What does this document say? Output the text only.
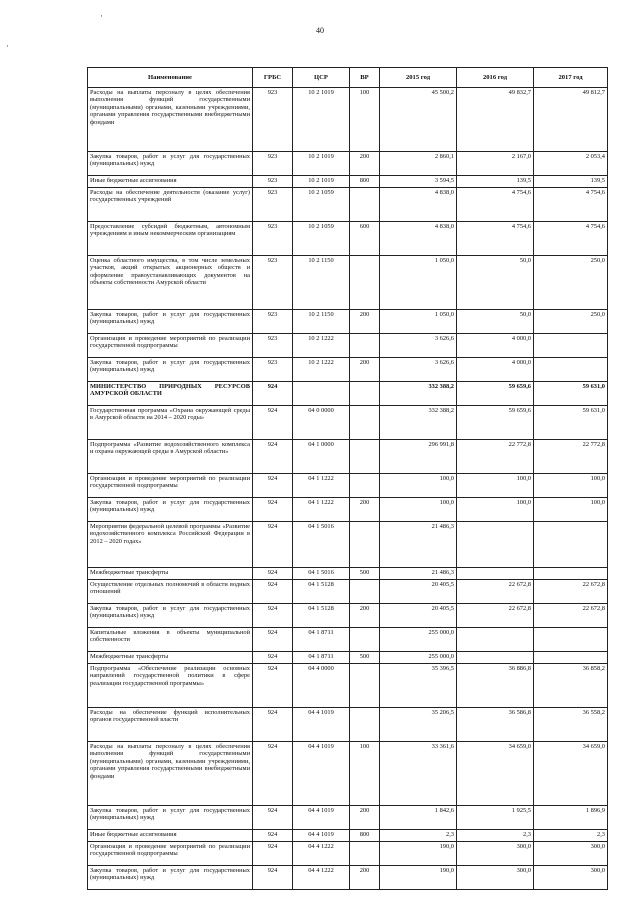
40
·
·
Наименование	ГРБС	ЦСР	ВР	2015 год	2016 год	2017 год
Расходы на выплаты персоналу в целях обеспечения выполнения функций государственными (муниципальными) органами, казенными учреждениями, органами управления государственными внебюджетными фондами	923	10 2 1019	100	45 500,2	49 832,7	49 812,7
Закупка товаров, работ и услуг для государственных (муниципальных) нужд	923	10 2 1019	200	2 860,1	2 167,0	2 053,4
Иные бюджетные ассигнования	923	10 2 1019	800	3 594,5	139,5	139,5
Расходы на обеспечение деятельности (оказание услуг) государственных учреждений	923	10 2 1059		4 838,0	4 754,6	4 754,6
Предоставление субсидий бюджетным, автономным учреждениям и иным некоммерческим организациям	923	10 2 1059	600	4 838,0	4 754,6	4 754,6
Оценка областного имущества, в том числе земельных участков, акций открытых акционерных обществ и оформление правоустанавливающих документов на объекты собственности Амурской области	923	10 2 1150		1 050,0	50,0	250,0
Закупка товаров, работ и услуг для государственных (муниципальных) нужд	923	10 2 1150	200	1 050,0	50,0	250,0
Организация и проведение мероприятий по реализации государственной подпрограммы	923	10 2 1222		3 626,6	4 000,0	
Закупка товаров, работ и услуг для государственных (муниципальных) нужд	923	10 2 1222	200	3 626,6	4 000,0	
МИНИСТЕРСТВО ПРИРОДНЫХ РЕСУРСОВ АМУРСКОЙ ОБЛАСТИ	924			332 388,2	59 659,6	59 631,0
Государственная программа «Охрана окружающей среды в Амурской области на 2014 – 2020 годы»	924	04 0 0000		332 388,2	59 659,6	59 631,0
Подпрограмма «Развитие водохозяйственного комплекса и охрана окружающей среды в Амурской области»	924	04 1 0000		296 991,8	22 772,8	22 772,8
Организация и проведение мероприятий по реализации государственной подпрограммы	924	04 1 1222		100,0	100,0	100,0
Закупка товаров, работ и услуг для государственных (муниципальных) нужд	924	04 1 1222	200	100,0	100,0	100,0
Мероприятия федеральной целевой программы «Развитие водохозяйственного комплекса Российской Федерации в 2012 – 2020 годах»	924	04 1 5016		21 486,3		
Межбюджетные трансферты	924	04 1 5016	500	21 486,3		
Осуществление отдельных полномочий в области водных отношений	924	04 1 5128		20 405,5	22 672,8	22 672,8
Закупка товаров, работ и услуг для государственных (муниципальных) нужд	924	04 1 5128	200	20 405,5	22 672,8	22 672,8
Капитальные вложения в объекты муниципальной собственности	924	04 1 8711		255 000,0		
Межбюджетные трансферты	924	04 1 8711	500	255 000,0		
Подпрограмма «Обеспечение реализации основных направлений государственной политики в сфере реализации государственной программы»	924	04 4 0000		35 396,5	36 886,8	36 858,2
Расходы на обеспечение функций исполнительных органов государственной власти	924	04 4 1019		35 206,5	36 586,8	36 558,2
Расходы на выплаты персоналу в целях обеспечения выполнения функций государственными (муниципальными) органами, казенными учреждениями, органами управления государственными внебюджетными фондами	924	04 4 1019	100	33 361,6	34 659,0	34 659,0
Закупка товаров, работ и услуг для государственных (муниципальных) нужд	924	04 4 1019	200	1 842,6	1 925,5	1 896,9
Иные бюджетные ассигнования	924	04 4 1019	800	2,3	2,3	2,3
Организация и проведение мероприятий по реализации государственной подпрограммы	924	04 4 1222		190,0	300,0	300,0
Закупка товаров, работ и услуг для государственных (муниципальных) нужд	924	04 4 1222	200	190,0	300,0	300,0
